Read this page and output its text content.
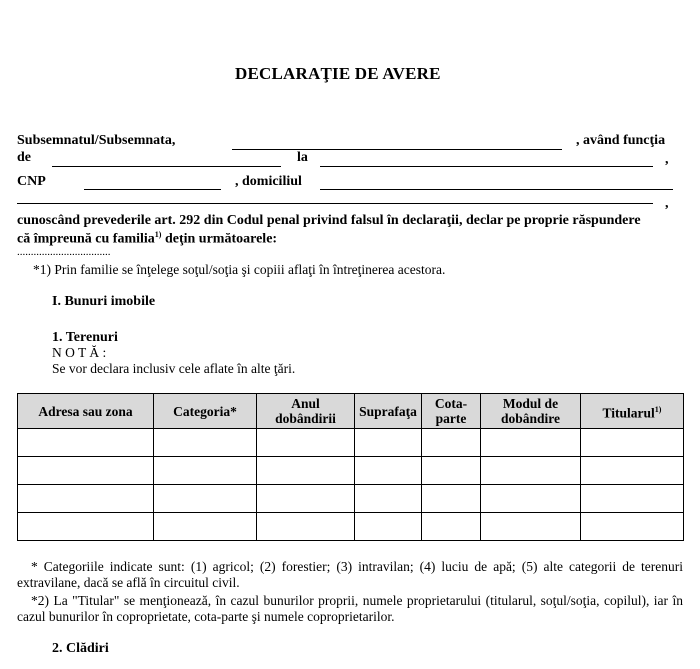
DECLARAŢIE DE AVERE
Subsemnatul/Subsemnata,	, având funcţia
de	la	,
CNP	, domiciliul
,
cunoscând prevederile art. 292 din Codul penal privind falsul în declaraţii, declar pe proprie răspundere
că împreună cu familia$^{1)}$ deţin următoarele:
..................................
*1) Prin familie se înţelege soţul/soţia şi copiii aflaţi în întreţinerea acestora.
I. Bunuri imobile
1. Terenuri
N O T Ă :
Se vor declara inclusiv cele aflate în alte ţări.
Adresa sau zona	Categoria*	Anul dobândirii	Suprafaţa	Cota-parte	Modul de dobândire	Titularul$^{1)}$

* Categoriile indicate sunt: (1) agricol; (2) forestier; (3) intravilan; (4) luciu de apă; (5) alte categorii de terenuri extravilane, dacă se află în circuitul civil.
*2) La "Titular" se menţionează, în cazul bunurilor proprii, numele proprietarului (titularul, soţul/soţia, copilul), iar în cazul bunurilor în coproprietate, cota-parte şi numele coproprietarilor.
2. Clădiri
